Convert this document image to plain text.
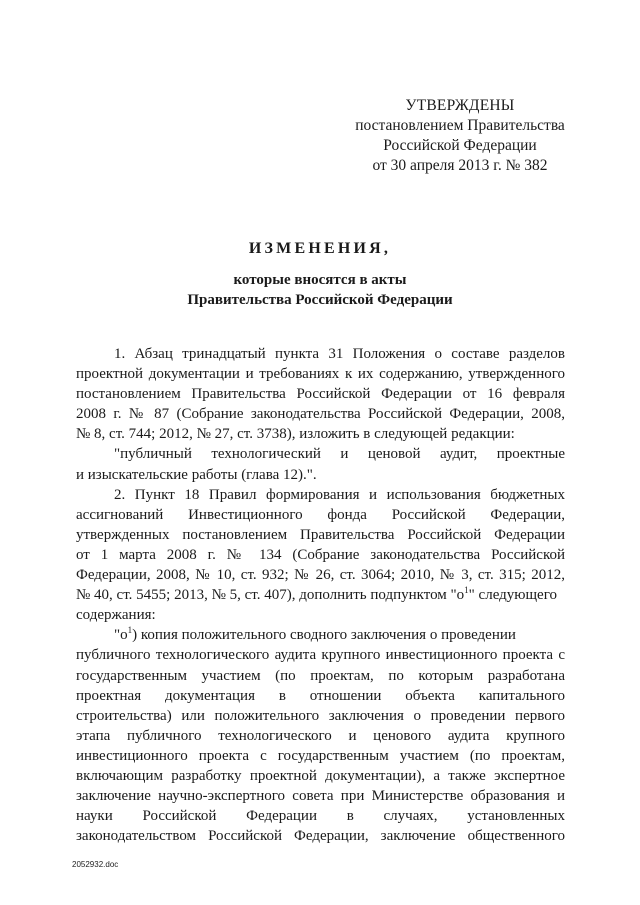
УТВЕРЖДЕНЫ
постановлением Правительства
Российской Федерации
от 30 апреля 2013 г. № 382
ИЗМЕНЕНИЯ,
которые вносятся в акты
Правительства Российской Федерации
1. Абзац тринадцатый пункта 31 Положения о составе разделов
проектной документации и требованиях к их содержанию, утвержденного
постановлением Правительства Российской Федерации от 16 февраля
2008 г. № 87 (Собрание законодательства Российской Федерации, 2008,
№ 8, ст. 744; 2012, № 27, ст. 3738), изложить в следующей редакции:
"публичный технологический и ценовой аудит, проектные
и изыскательские работы (глава 12).".
2. Пункт 18 Правил формирования и использования бюджетных
ассигнований Инвестиционного фонда Российской Федерации,
утвержденных постановлением Правительства Российской Федерации
от 1 марта 2008 г. № 134 (Собрание законодательства Российской
Федерации, 2008, № 10, ст. 932; № 26, ст. 3064; 2010, № 3, ст. 315; 2012,
№ 40, ст. 5455; 2013, № 5, ст. 407), дополнить подпунктом "$о^1$" следующего
содержания:
"$о^1$) копия положительного сводного заключения о проведении
публичного технологического аудита крупного инвестиционного проекта с
государственным участием (по проектам, по которым разработана
проектная документация в отношении объекта капитального
строительства) или положительного заключения о проведении первого
этапа публичного технологического и ценового аудита крупного
инвестиционного проекта с государственным участием (по проектам,
включающим разработку проектной документации), а также экспертное
заключение научно-экспертного совета при Министерстве образования и
науки Российской Федерации в случаях, установленных
законодательством Российской Федерации, заключение общественного
2052932.doc
